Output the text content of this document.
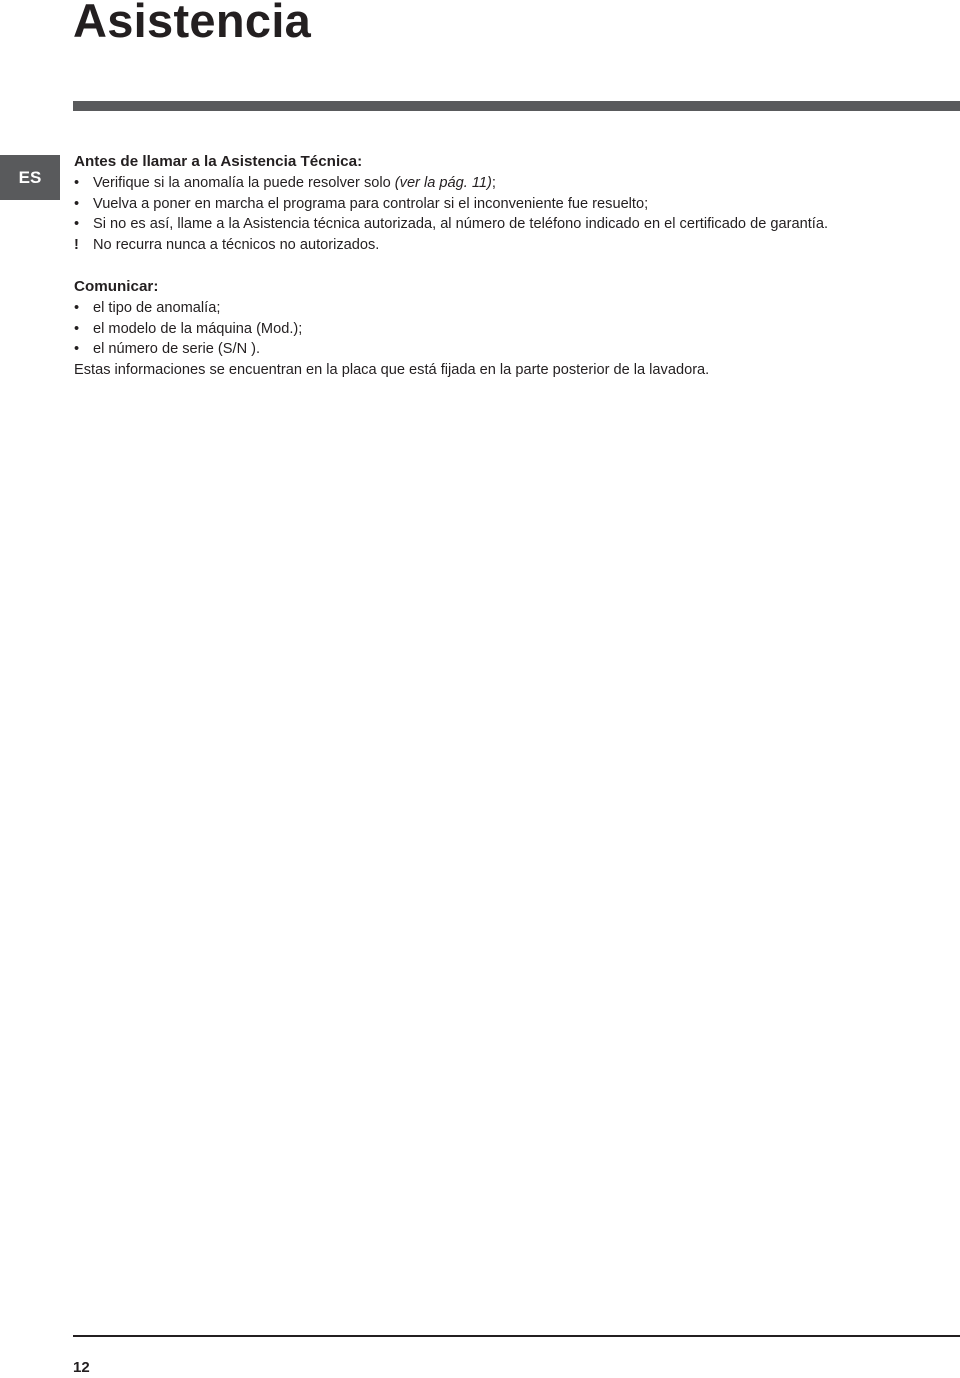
Asistencia
ES

Antes de llamar a la Asistencia Técnica:

• Verifique si la anomalía la puede resolver solo (ver la pág. 11);
• Vuelva a poner en marcha el programa para controlar si el inconveniente fue resuelto;
• Si no es así, llame a la Asistencia técnica autorizada, al número de teléfono indicado en el certificado de garantía.

! No recurra nunca a técnicos no autorizados.

Comunicar:

• el tipo de anomalía;
• el modelo de la máquina (Mod.);
• el número de serie (S/N ).

Estas informaciones se encuentran en la placa que está fijada en la parte posterior de la lavadora.

12
